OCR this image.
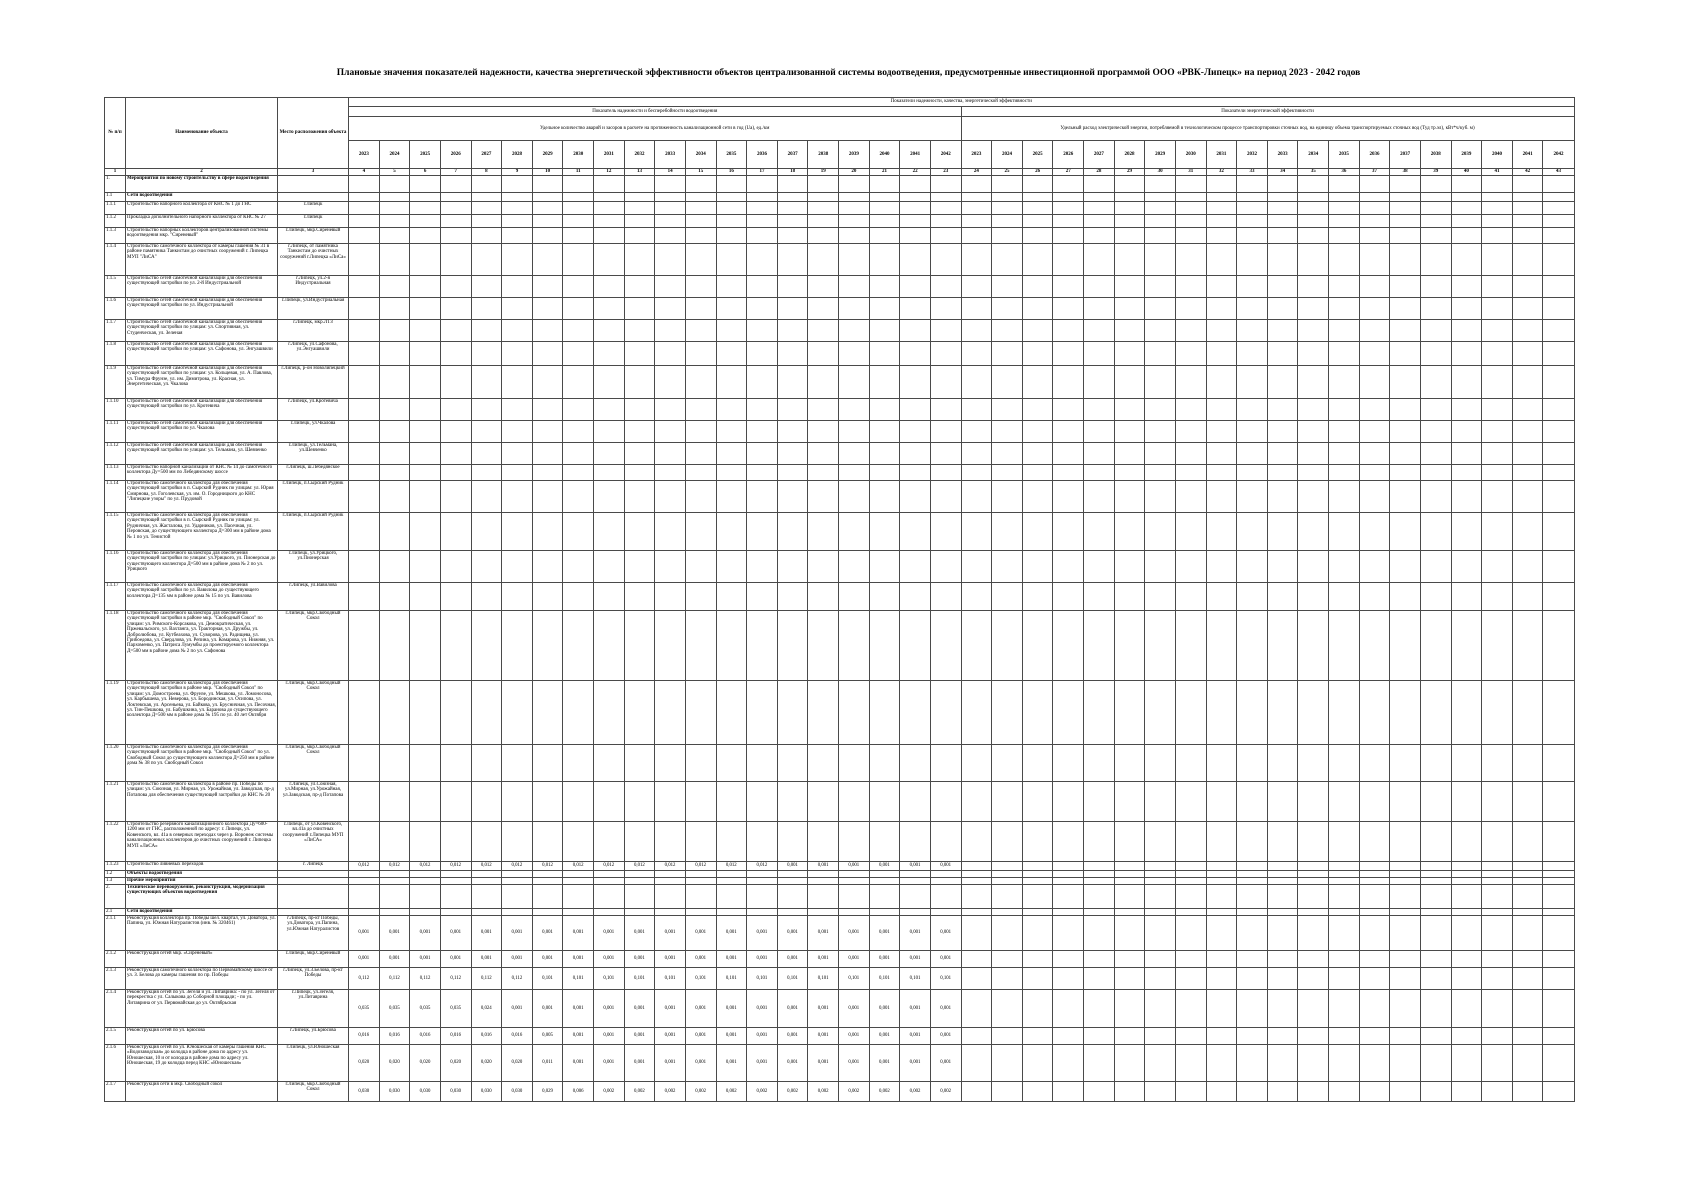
Плановые значения показателей надежности, качества энергетической эффективности объектов централизованной системы водоотведения, предусмотренные инвестиционной программой ООО «РВК-Липецк» на период 2023 - 2042 годов
№ п/п	Наименование объекта	Место расположения объекта	Показатели надежности, качества, энергетической эффективности																																							
			Показатель надежности и бесперебойности водоотведения																				Показатели энергетической эффективности																			
			Удельное количество аварий и засоров в расчете на протяженность канализационной сети в год (Ua), ед./км																				Удельный расход электрической энергии, потребляемой в технологическом процессе транспортировки сточных вод, на единицу объема транспортируемых сточных вод (Туд тр.эл), кВт*ч/куб. м)																			
			2023	2024	2025	2026	2027	2028	2029	2030	2031	2032	2033	2034	2035	2036	2037	2038	2039	2040	2041	2042	2023	2024	2025	2026	2027	2028	2029	2030	2031	2032	2033	2034	2035	2036	2037	2038	2039	2040	2041	2042
1	2	3	4	5	6	7	8	9	10	11	12	13	14	15	16	17	18	19	20	21	22	23	24	25	26	27	28	29	30	31	32	33	34	35	36	37	38	39	40	41	42	43
1.	Мероприятия по новому строительству в сфере водоотведения																																									
1.1	Сети водоотведения																																									
1.1.1	Строительство напорного коллектора от КНС № 1 до ГНС	г.Липецк																																								
1.1.2	Прокладка дополнительного напорного коллектора от КНС № 27	г.Липецк																																								
1.1.3	Строительство напорных коллекторов централизованной системы водоотведения мкр. "Сиреневый"	г.Липецк, мкр.Сиреневый																																								
1.1.4	Строительство самотечного коллектора от камеры гашения № 31 в районе памятника Танкистам до очистных сооружений г. Липецка МУП "ЛиСА"	г.Липецк, от памятника Танкистам до очистных сооружений г.Липецка «ЛиСа»																																								
1.1.5	Строительство сетей самотечной канализации для обеспечения существующей застройки по ул. 2-й Индустриальной	г.Липецк, ул.2-я Индустриальная																																								
1.1.6	Строительство сетей самотечной канализации для обеспечения существующей застройки по ул. Индустриальной	г.Липецк, ул.Индустриальная																																								
1.1.7	Строительство сетей самотечной канализации для обеспечения существующей застройки по улицам: ул. Спортивная, ул. Студенческая, ул. Зеленая	г.Липецк, мкр.ЛТЗ																																								
1.1.8	Строительство сетей самотечной канализации для обеспечения существующей застройки по улицам: ул. Сафонова, ул. Энгуашвили	г.Липецк, ул.Сафонова, ул.Энгуашвили																																								
1.1.9	Строительство сетей самотечной канализации для обеспечения существующей застройки по улицам: ул. Кольцевая, ул. А. Павлова, ул. Тимура Фрунзе, ул. им. Димитрова, ул. Красная, ул. Энергетическая, ул. Чкалова	г.Липецк, р-он Новолипецкий																																								
1.1.10	Строительство сетей самотечной канализации для обеспечения существующей застройки по ул. Кротевича	г.Липецк, ул.Кротевича																																								
1.1.11	Строительство сетей самотечной канализации для обеспечения существующей застройки по ул. Чкалова	г.Липецк, ул.Чкалова																																								
1.1.12	Строительство сетей самотечной канализации для обеспечения существующей застройки по улицам: ул. Тельмана, ул. Шевченко	г.Липецк, ул.Тельмана, ул.Шевченко																																								
1.1.13	Строительство напорной канализации от КНС № 14 до самотечного коллектора Ду=500 мм по Лебедянскому шоссе	г.Липецк, ш.Лебедянское																																								
1.1.14	Строительство самотечного коллектора для обеспечения существующей застройки в п. Сырский Рудник по улицам: ул. Юрия Смирнова, ул. Гоголевская, ул. им. О. Городницкого до КНС "Липецкие узоры" по ул. Прудовой	г.Липецк, п.Сырский Рудник																																								
1.1.15	Строительство самотечного коллектора для обеспечения существующей застройки в п. Сырский Рудник по улицам: ул. Рудничная, ул. Жасталова, ул. Ударников, ул. Пасечная, ул. Перовская, до существующего коллектора Д=300 мм в районе дома № 1 по ул. Тенистой	г.Липецк, п.Сырский Рудник																																								
1.1.16	Строительство самотечного коллектора для обеспечения существующей застройки по улицам: ул.Урицкого, ул. Пионерская до существующего коллектора Д=500 мм в районе дома № 2 по ул. Урицкого	г.Липецк, ул.Урицкого, ул.Пионерская																																								
1.1.17	Строительство самотечного коллектора для обеспечения существующей застройки по ул. Вавилова до существующего коллектора Д=135 мм в районе дома № 15 по ул. Вавилова	г.Липецк, ул.Вавилова																																								
1.1.18	Строительство самотечного коллектора для обеспечения существующей застройки в районе мкр. "Свободный Сокол" по улицам: ул. Римского-Корсакова, ул. Демократическая, ул. Пржевальского, ул. Вахтанга, ул. Тракторная, ул. Дружбы, ул. Добролюбова, ул. Кутбеахова, ул. Суворова, ул. Радищева, ул. Грибоедова, ул. Свердлова, ул. Репина, ул. Комарова, ул. Нижняя, ул. Пархоменко, ул. Патриса Лумумбы до проектируемого коллектора Д=500 мм в районе дома № 2 по ул. Сафонова	г.Липецк, мкр.Свободный Сокол																																								
1.1.19	Строительство самотечного коллектора для обеспечения существующей застройки в районе мкр. "Свободный Сокол" по улицам: ул. Домостроева, ул. Фрунзе, ул. Мешкова, ул. Ломоносова, ул. Карбышева, ул. Неверова, ул. Бородинская, ул. Осипова, ул. Локтевская, ул. Арсеньева, ул. Байкова, ул. Брусничная, ул. Песочная, ул. Тин-Пешкова, ул. Бабушкина, ул. Баранова до существующего коллектора Д=500 мм в районе дома № 195 по ул. 40 лет Октября	г.Липецк, мкр.Свободный Сокол																																								
1.1.20	Строительство самотечного коллектора для обеспечения существующей застройки в районе мкр. "Свободный Сокол" по ул. Свободный Сокол до существующего коллектора Д=250 мм в районе дома № 38 по ул. Свободный Сокол	г.Липецк, мкр.Свободный Сокол																																								
1.1.21	Строительство самотечного коллектора в районе пр. Победы по улицам: ул. Союзная, ул. Мирная, ул. Урожайная, ул. Заводская, пр-д Потапова для обеспечения существующей застройки до КНС № 20	г.Липецк, ул.Союзная, ул.Мирная, ул.Урожайная, ул.Заводская, пр-д Потапова																																								
1.1.22	Строительство резервного канализационного коллектора Ду=600-1200 мм от ГНС, расположенной по адресу: г. Липецк, ул. Ковенского, вл. 41а в северных переходах через р. Воронеж системы канализационных коллекторов до очистных сооружений г. Липецка МУП «ЛиСА»	г.Липецк, от ул.Ковенского, вл.41а до очистных сооружений г.Липецка МУП «ЛиСА»																																								
1.1.23	Строительство ливневых переходов	г. Липецк	0,012	0,012	0,012	0,012	0,012	0,012	0,012	0,012	0,012	0,012	0,012	0,012	0,012	0,012	0,001	0,001	0,001	0,001	0,001	0,001																				
1.2	Объекты водоотведения																																									
1.3	Прочие мероприятия																																									
2.	Техническое перевооружение, реконструкция, модернизация существующих объектов водоотведения																																									
2.1	Сети водоотведения																																									
2.1.1	Реконструкция коллектора пр. Победы шел. квартал, ул. Доватора, ул. Папина, ул. Южная Натуралистов (инв. № 320461)	г.Липецк, пр-кт Победы, ул.Доватора, ул.Папина, ул.Южная Натуралистов	0,001	0,001	0,001	0,001	0,001	0,001	0,001	0,001	0,001	0,001	0,001	0,001	0,001	0,001	0,001	0,001	0,001	0,001	0,001	0,001																				
2.1.2	Реконструкция сетей мкр. «Сиреневый»	г.Липецк, мкр.Сиреневый	0,001	0,001	0,001	0,001	0,001	0,001	0,001	0,001	0,001	0,001	0,001	0,001	0,001	0,001	0,001	0,001	0,001	0,001	0,001	0,001																				
2.1.3	Реконструкция самотечного коллектора по Первомайскому шоссе от ул. З. Белова до камеры гашения по пр. Победы	г.Липецк, ул.З.Белова, пр-кт Победы	0,112	0,112	0,112	0,112	0,112	0,112	0,101	0,101	0,101	0,101	0,101	0,101	0,101	0,101	0,101	0,101	0,101	0,101	0,101	0,101																				
2.1.4	Реконструкция сетей по ул. Зегеля и ул. Литаврина: - по ул. Зегеля от перекрестка с ул. Салыкова до Соборной площади; - по ул. Литаврина от ул. Первомайская до ул. Октябрьская	г.Липецк, ул.Зегеля, ул.Литаврина	0,035	0,035	0,035	0,035	0,024	0,001	0,001	0,001	0,001	0,001	0,001	0,001	0,001	0,001	0,001	0,001	0,001	0,001	0,001	0,001																				
2.1.5	Реконструкция сетей по ул. Брюсова	г.Липецк, ул.Брюсова	0,016	0,016	0,016	0,016	0,016	0,016	0,005	0,001	0,001	0,001	0,001	0,001	0,001	0,001	0,001	0,001	0,001	0,001	0,001	0,001																				
2.1.6	Реконструкция сетей по ул. Юношеская от камеры гашения КНС «Водозаводская» до колодца в районе дома по адресу ул. Юношеская, 10 и от колодца в районе дома по адресу ул. Юношеская, 19 до колодца перед КНС «Юношеская»	г.Липецк, ул.Юношеская	0,020	0,020	0,020	0,020	0,020	0,020	0,011	0,001	0,001	0,001	0,001	0,001	0,001	0,001	0,001	0,001	0,001	0,001	0,001	0,001																				
2.1.7	Реконструкция сети в мкр. Свободный сокол	г.Липецк, мкр.Свободный Сокол	0,030	0,030	0,030	0,030	0,030	0,030	0,029	0,006	0,002	0,002	0,002	0,002	0,002	0,002	0,002	0,002	0,002	0,002	0,002	0,002																				
